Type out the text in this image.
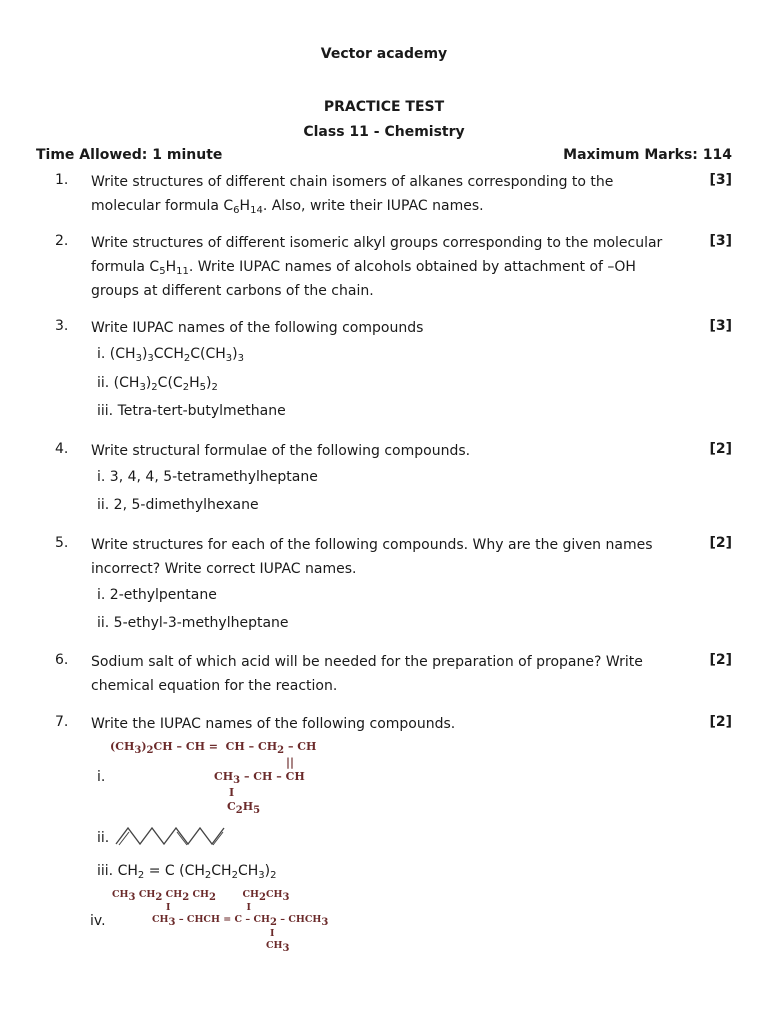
Vector academy
PRACTICE TEST
Class 11 - Chemistry
Time Allowed: 1 minute	Maximum Marks: 114
1. Write structures of different chain isomers of alkanes corresponding to the
molecular formula $C_6H_{14}$. Also, write their IUPAC names.
[3]
2. Write structures of different isomeric alkyl groups corresponding to the molecular
formula $C_5H_{11}$. Write IUPAC names of alcohols obtained by attachment of –OH
groups at different carbons of the chain.
[3]
3. Write IUPAC names of the following compounds	[3]
i. $(CH_3)_3CCH_2C(CH_3)_3$
ii. $(CH_3)_2C(C_2H_5)_2$
iii. Tetra-tert-butylmethane
4. Write structural formulae of the following compounds.	[2]
i. 3, 4, 4, 5-tetramethylheptane
ii. 2, 5-dimethylhexane
5. Write structures for each of the following compounds. Why are the given names
incorrect? Write correct IUPAC names.
[2]
i. 2-ethylpentane
ii. 5-ethyl-3-methylheptane
6. Sodium salt of which acid will be needed for the preparation of propane? Write
chemical equation for the reaction.
[2]
7. Write the IUPAC names of the following compounds.	[2]
i.
$(CH_3)_2CH$ – CH =  CH – $CH_2$ – CH
||
$CH_3$ – CH – CH
I
$C_2H_5$
ii.
iii. $CH_2 = C$ $(CH_2CH_2CH_3)_2$
iv.
$CH_3$ $CH_2$ $CH_2$ $CH_2$        $CH_2CH_3$
I                       I
$CH_3$ – CHCH = C – $CH_2$ – $CHCH_3$
I
$CH_3$
